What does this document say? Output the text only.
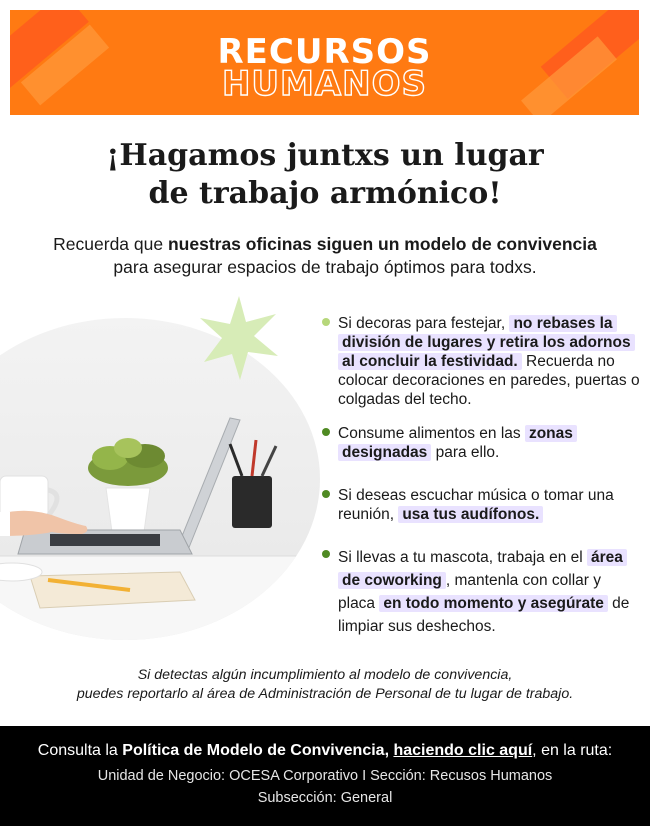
RECURSOS
HUMANOS
¡Hagamos juntxs un lugar
de trabajo armónico!
Recuerda que nuestras oficinas siguen un modelo de convivencia
para asegurar espacios de trabajo óptimos para todxs.
Si decoras para festejar, no rebases la división de lugares y retira los adornos al concluir la festividad. Recuerda no colocar decoraciones en paredes, puertas o colgadas del techo.
Consume alimentos en las zonas designadas para ello.
Si deseas escuchar música o tomar una reunión, usa tus audífonos.
Si llevas a tu mascota, trabaja en el área de coworking , mantenla con collar y placa en todo momento y asegúrate de limpiar sus deshechos.
Si detectas algún incumplimiento al modelo de convivencia,
puedes reportarlo al área de Administración de Personal de tu lugar de trabajo.
Consulta la Política de Modelo de Convivencia, haciendo clic aquí, en la ruta:
Unidad de Negocio: OCESA Corporativo I Sección: Recusos Humanos
Subsección: General
